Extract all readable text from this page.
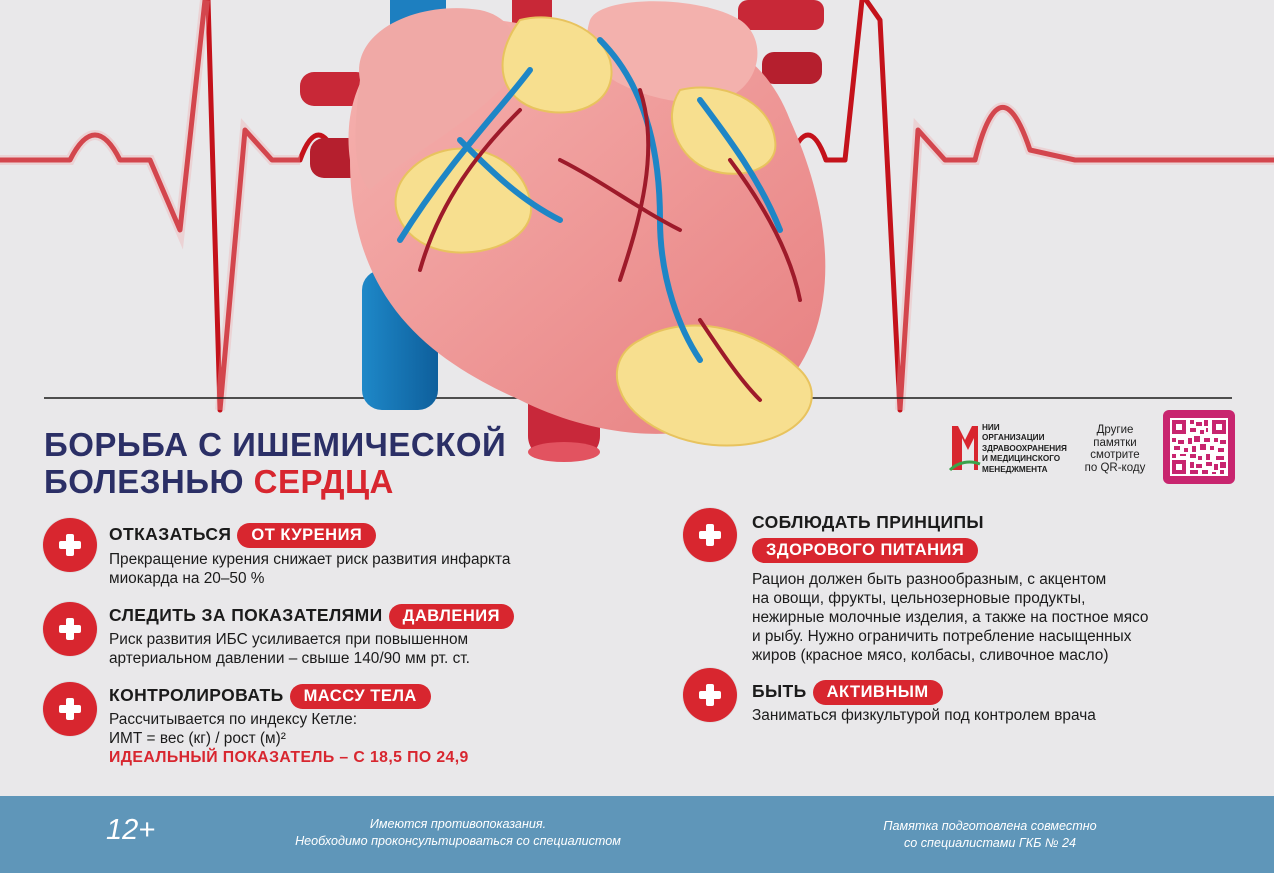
БОРЬБА С ИШЕМИЧЕСКОЙ
БОЛЕЗНЬЮ СЕРДЦА
НИИ
ОРГАНИЗАЦИИ
ЗДРАВООХРАНЕНИЯ
И МЕДИЦИНСКОГО
МЕНЕДЖМЕНТА
Другие
памятки
смотрите
по QR-коду
ОТКАЗАТЬСЯ ОТ КУРЕНИЯ
Прекращение курения снижает риск развития инфаркта
миокарда на 20–50 %
СЛЕДИТЬ ЗА ПОКАЗАТЕЛЯМИ ДАВЛЕНИЯ
Риск развития ИБС усиливается при повышенном
артериальном давлении – свыше 140/90 мм рт. ст.
КОНТРОЛИРОВАТЬ МАССУ ТЕЛА
Рассчитывается по индексу Кетле:
ИМТ = вес (кг) / рост (м)²
ИДЕАЛЬНЫЙ ПОКАЗАТЕЛЬ – С 18,5 ПО 24,9
СОБЛЮДАТЬ ПРИНЦИПЫ
ЗДОРОВОГО ПИТАНИЯ
Рацион должен быть разнообразным, с акцентом
на овощи, фрукты, цельнозерновые продукты,
нежирные молочные изделия, а также на постное мясо
и рыбу. Нужно ограничить потребление насыщенных
жиров (красное мясо, колбасы, сливочное масло)
БЫТЬ АКТИВНЫМ
Заниматься физкультурой под контролем врача
12+	Имеются противопоказания.
Необходимо проконсультироваться со специалистом
Памятка подготовлена совместно
со специалистами ГКБ № 24
